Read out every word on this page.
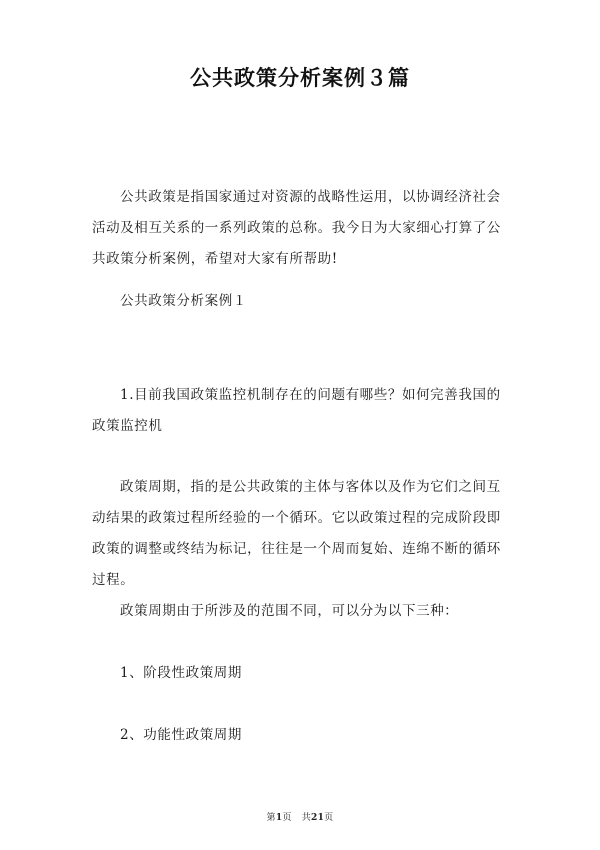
公共政策分析案例３篇

公共政策是指国家通过对资源的战略性运用，以协调经济社会活动及相互关系的一系列政策的总称。我今日为大家细心打算了公共政策分析案例，希望对大家有所帮助!

公共政策分析案例１

1.目前我国政策监控机制存在的问题有哪些？如何完善我国的政策监控机

政策周期，指的是公共政策的主体与客体以及作为它们之间互动结果的政策过程所经验的一个循环。它以政策过程的完成阶段即政策的调整或终结为标记，往往是一个周而复始、连绵不断的循环过程。

政策周期由于所涉及的范围不同，可以分为以下三种：

1、阶段性政策周期

2、功能性政策周期

第1页 共21页
